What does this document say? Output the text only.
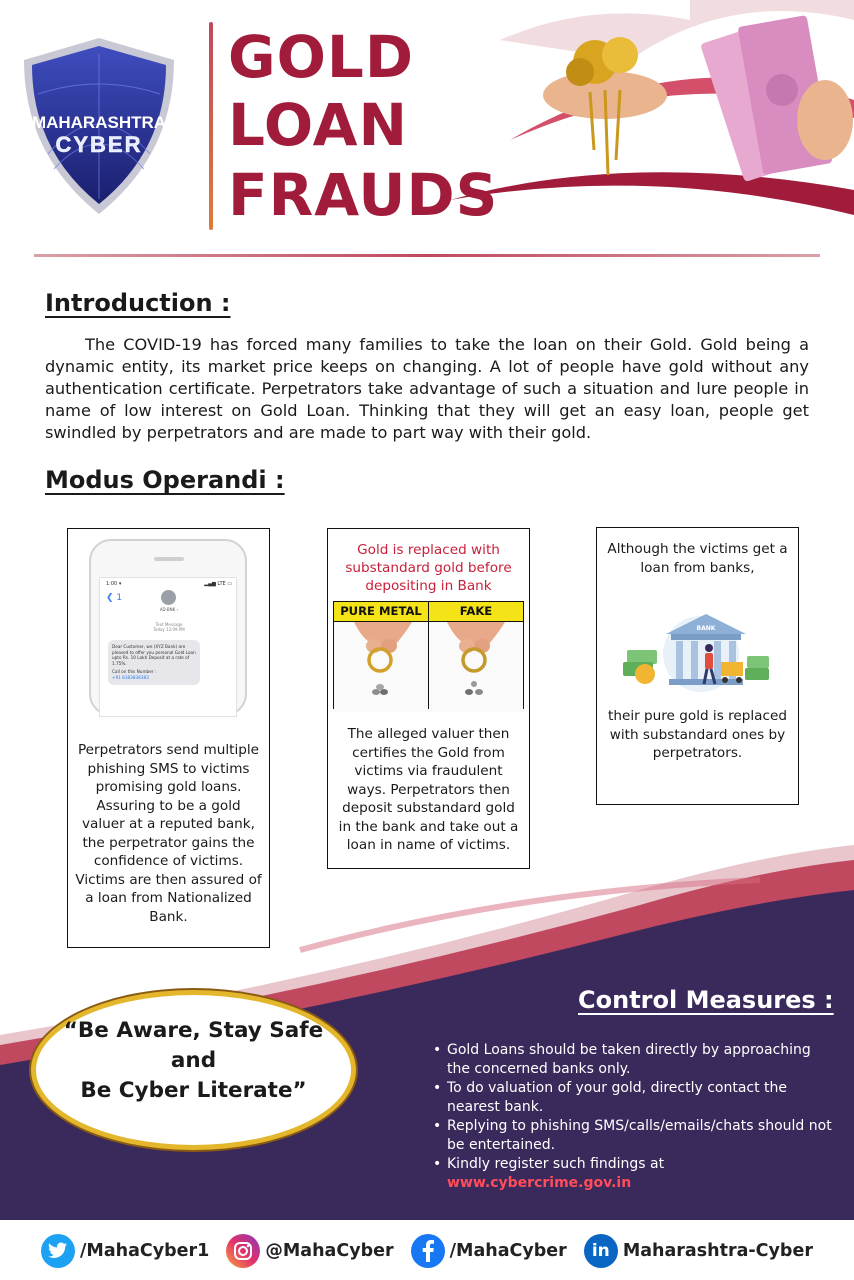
MAHARASHTRA
CYBER
GOLD
LOAN
FRAUDS
Introduction :

The COVID-19 has forced many families to take the loan on their Gold. Gold being a dynamic entity, its market price keeps on changing. A lot of people have gold without any authentication certificate. Perpetrators take advantage of such a situation and lure people in name of low interest on Gold Loan. Thinking that they will get an easy loan, people get swindled by perpetrators and are made to part way with their gold.

Modus Operandi :
1:00 ▾	▂▄▆ LTE ▭
❮ 1
AD-BNK ›
Text Message
Today 12:09 PM
Dear Customer, we (XYZ Bank) are pleased to offer you personal Gold Loan upto Rs. 10 Lakh Deposit at a rate of 1.75%.
Call on this Number :
+91 8383838383
Perpetrators send multiple phishing SMS to victims promising gold loans. Assuring to be a gold valuer at a reputed bank, the perpetrator gains the confidence of victims. Victims are then assured of a loan from Nationalized Bank.
Gold is replaced with substandard gold before depositing in Bank
PURE METAL	FAKE
The alleged valuer then certifies the Gold from victims via fraudulent ways. Perpetrators then deposit substandard gold in the bank and take out a loan in name of victims.
Although the victims get a loan from banks,
BANK
their pure gold is replaced with substandard ones by perpetrators.
Control Measures :
• Gold Loans should be taken directly by approaching the concerned banks only.
• To do valuation of your gold, directly contact the nearest bank.
• Replying to phishing SMS/calls/emails/chats should not be entertained.
• Kindly register such findings at
www.cybercrime.gov.in
“Be Aware, Stay Safe
and
Be Cyber Literate”
/MahaCyber1	@MahaCyber	/MahaCyber	in Maharashtra-Cyber
